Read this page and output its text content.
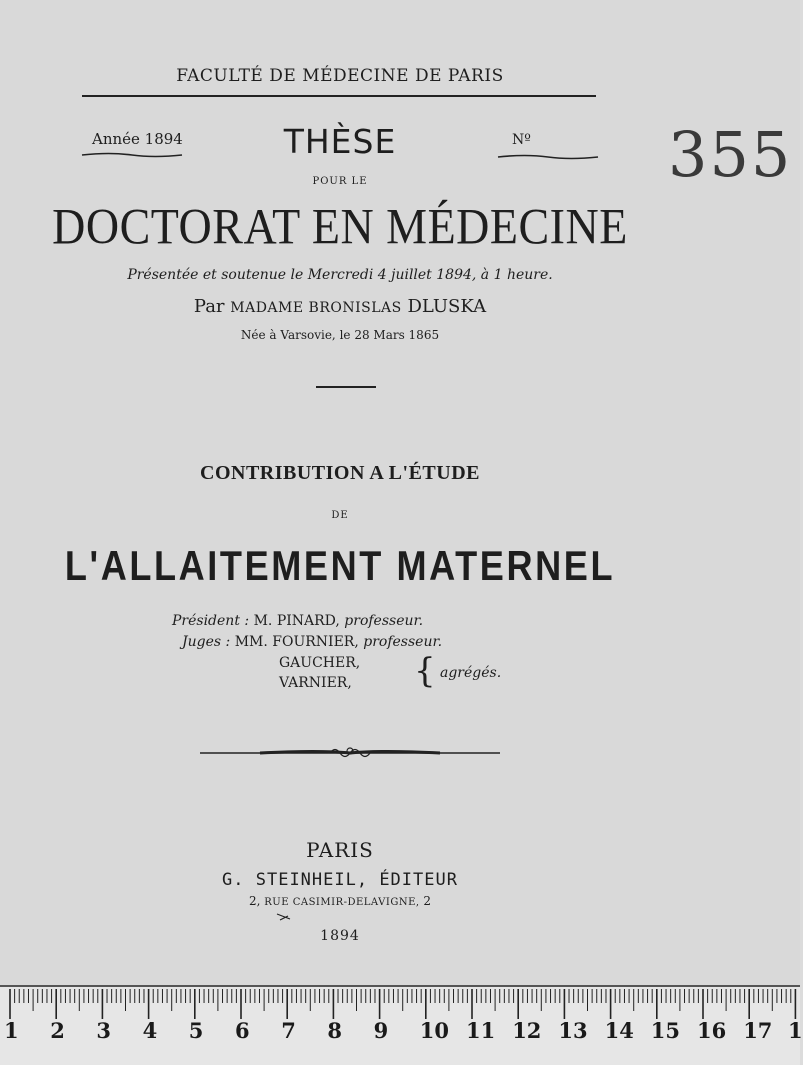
FACULTÉ DE MÉDECINE DE PARIS
Année 1894	THÈSE	Nº 355
POUR LE
DOCTORAT EN MÉDECINE
Présentée et soutenue le Mercredi 4 juillet 1894, à 1 heure.
Par MADAME BRONISLAS DLUSKA
Née à Varsovie, le 28 Mars 1865
CONTRIBUTION A L'ÉTUDE
DE
L'ALLAITEMENT MATERNEL
Président : M. PINARD, professeur.
Juges : MM. FOURNIER, professeur.
GAUCHER,
VARNIER, { agrégés.
PARIS
G. STEINHEIL, ÉDITEUR
2, RUE CASIMIR-DELAVIGNE, 2
1894
1 2 3 4 5 6 7 8 9 10 11 12 13 14 15 16 17 1
